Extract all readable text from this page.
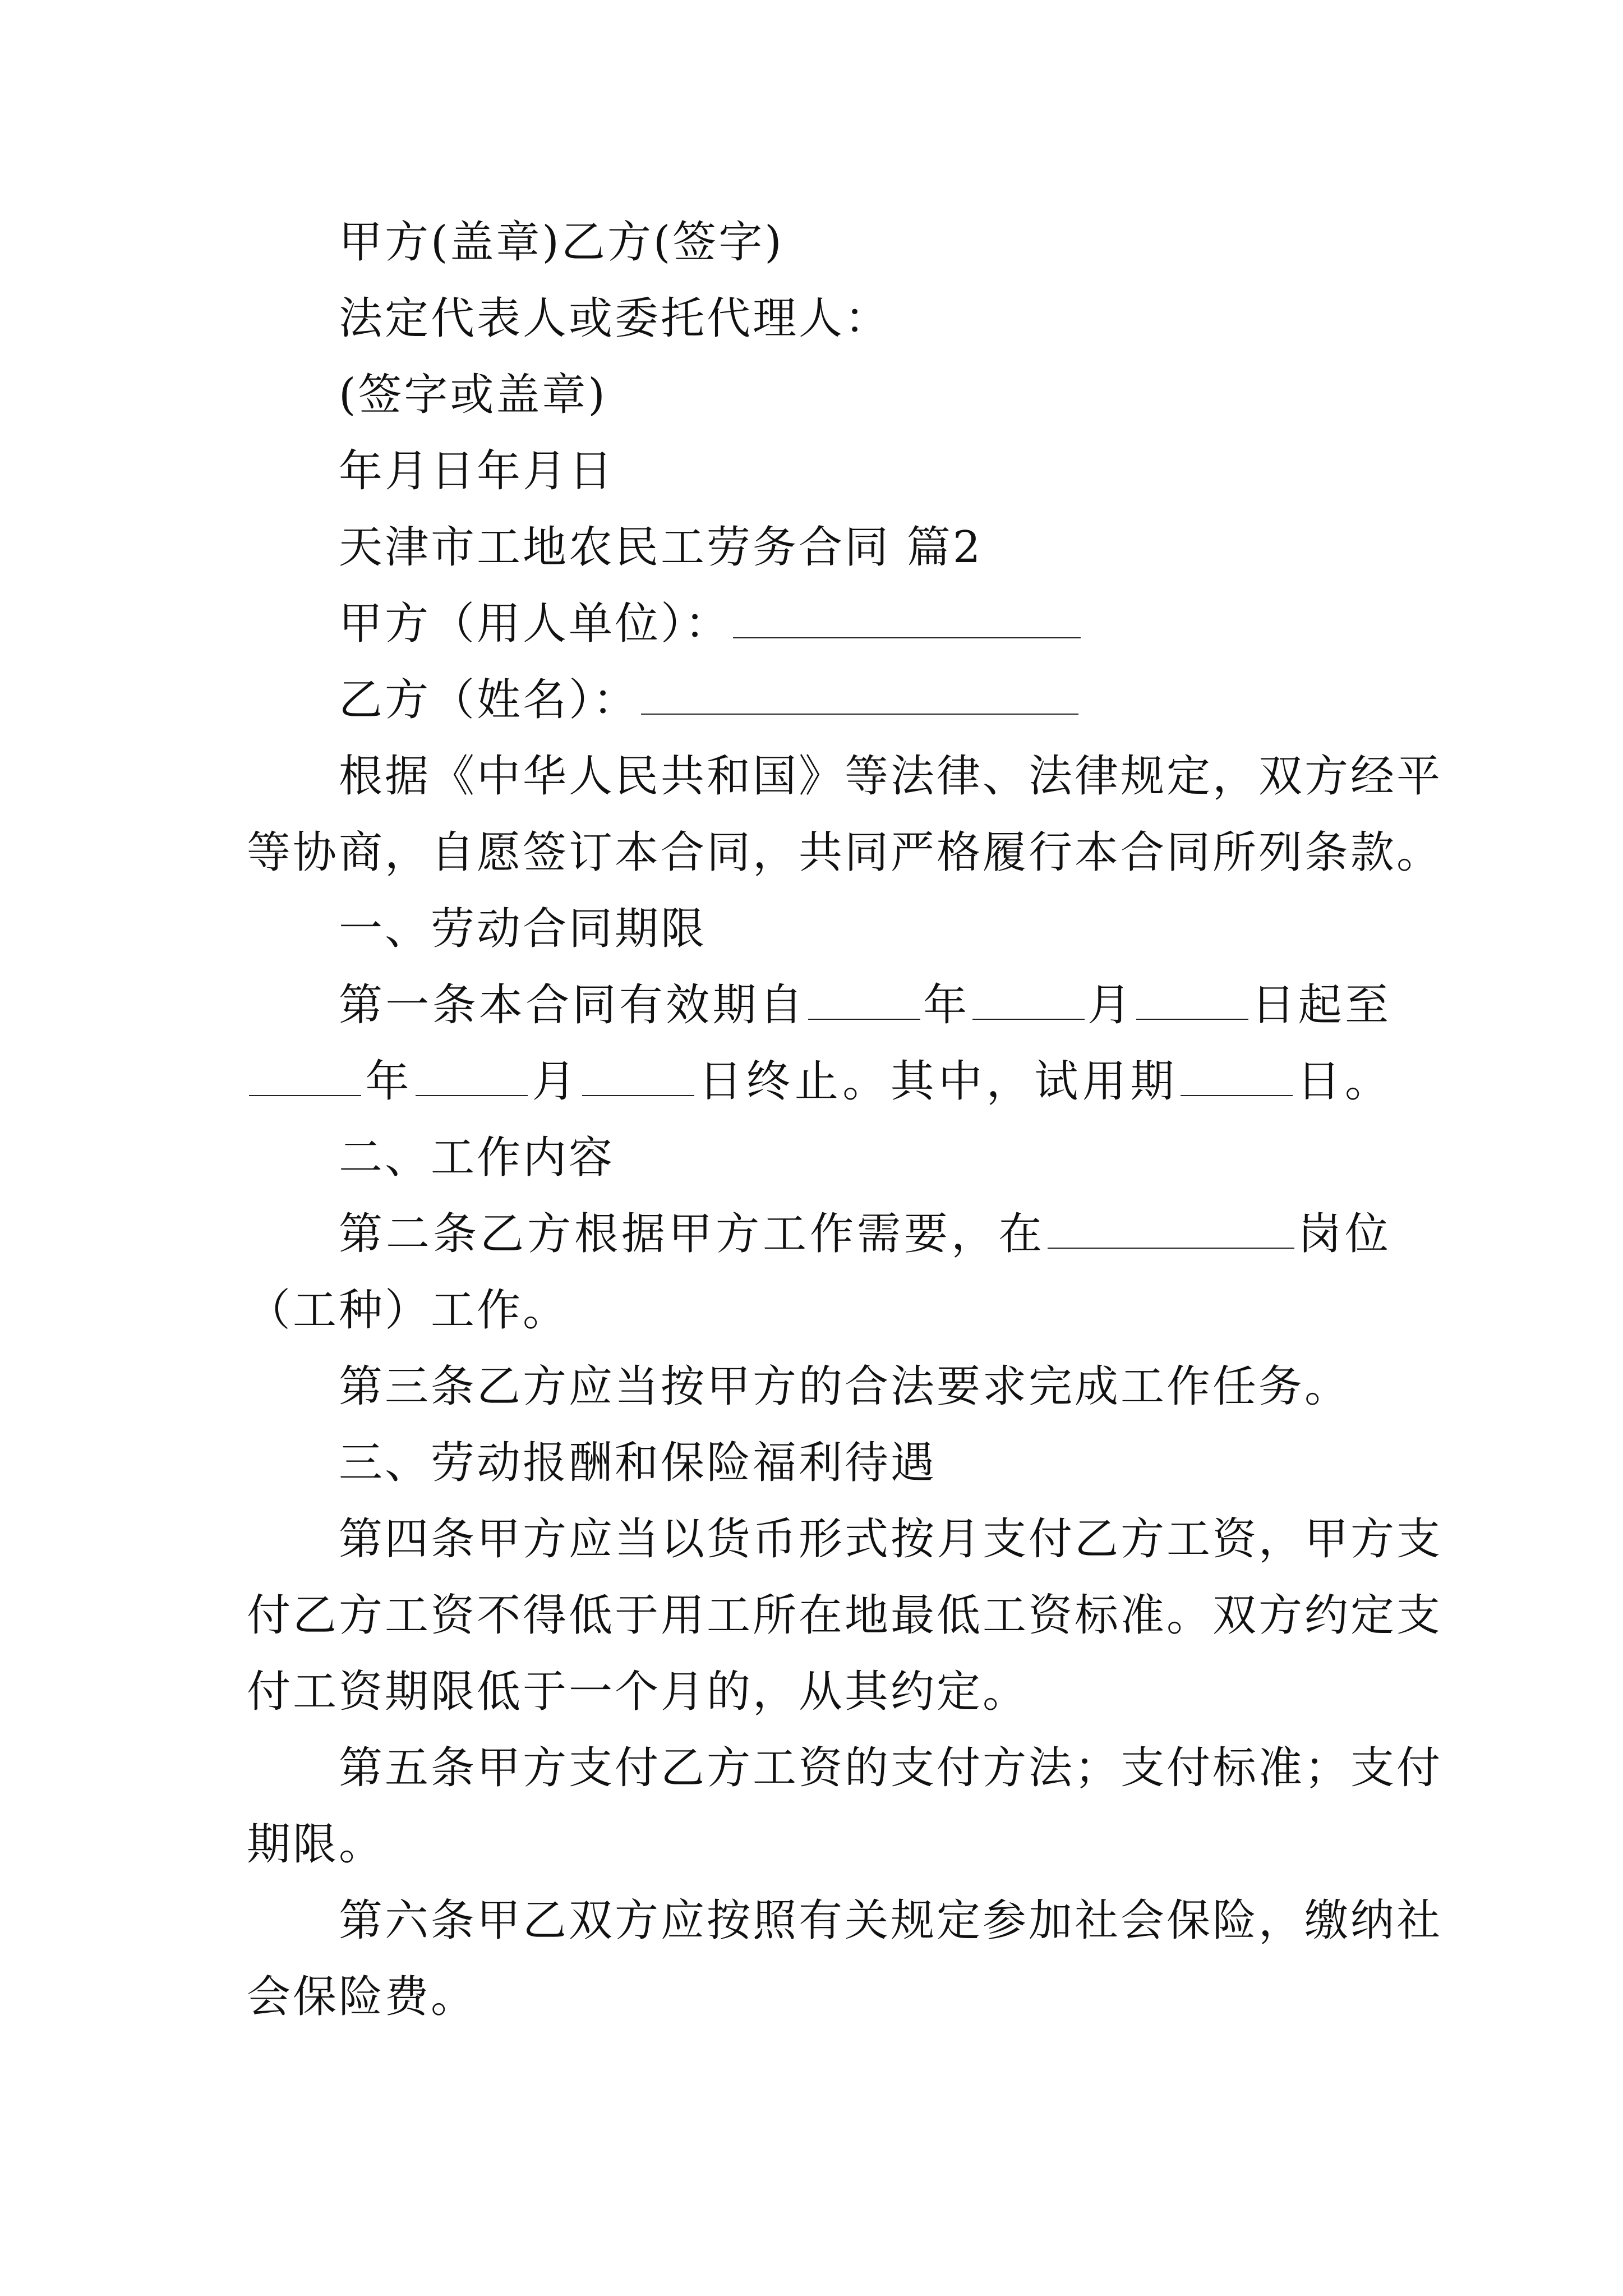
甲方(盖章)乙方(签字)
法定代表人或委托代理人：
(签字或盖章)
年月日年月日
天津市工地农民工劳务合同 篇2
甲方（用人单位）：
乙方（姓名）：
根据《中华人民共和国》等法律、法律规定，双方经平
等协商，自愿签订本合同，共同严格履行本合同所列条款。
一、劳动合同期限
第一条本合同有效期自	年	月	日起至
年	月	日终止。其中，试用期	日。
二、工作内容
第二条乙方根据甲方工作需要，在	岗位
（工种）工作。
第三条乙方应当按甲方的合法要求完成工作任务。
三、劳动报酬和保险福利待遇
第四条甲方应当以货币形式按月支付乙方工资，甲方支
付乙方工资不得低于用工所在地最低工资标准。双方约定支
付工资期限低于一个月的，从其约定。
第五条甲方支付乙方工资的支付方法；支付标准；支付
期限。
第六条甲乙双方应按照有关规定参加社会保险，缴纳社
会保险费。
